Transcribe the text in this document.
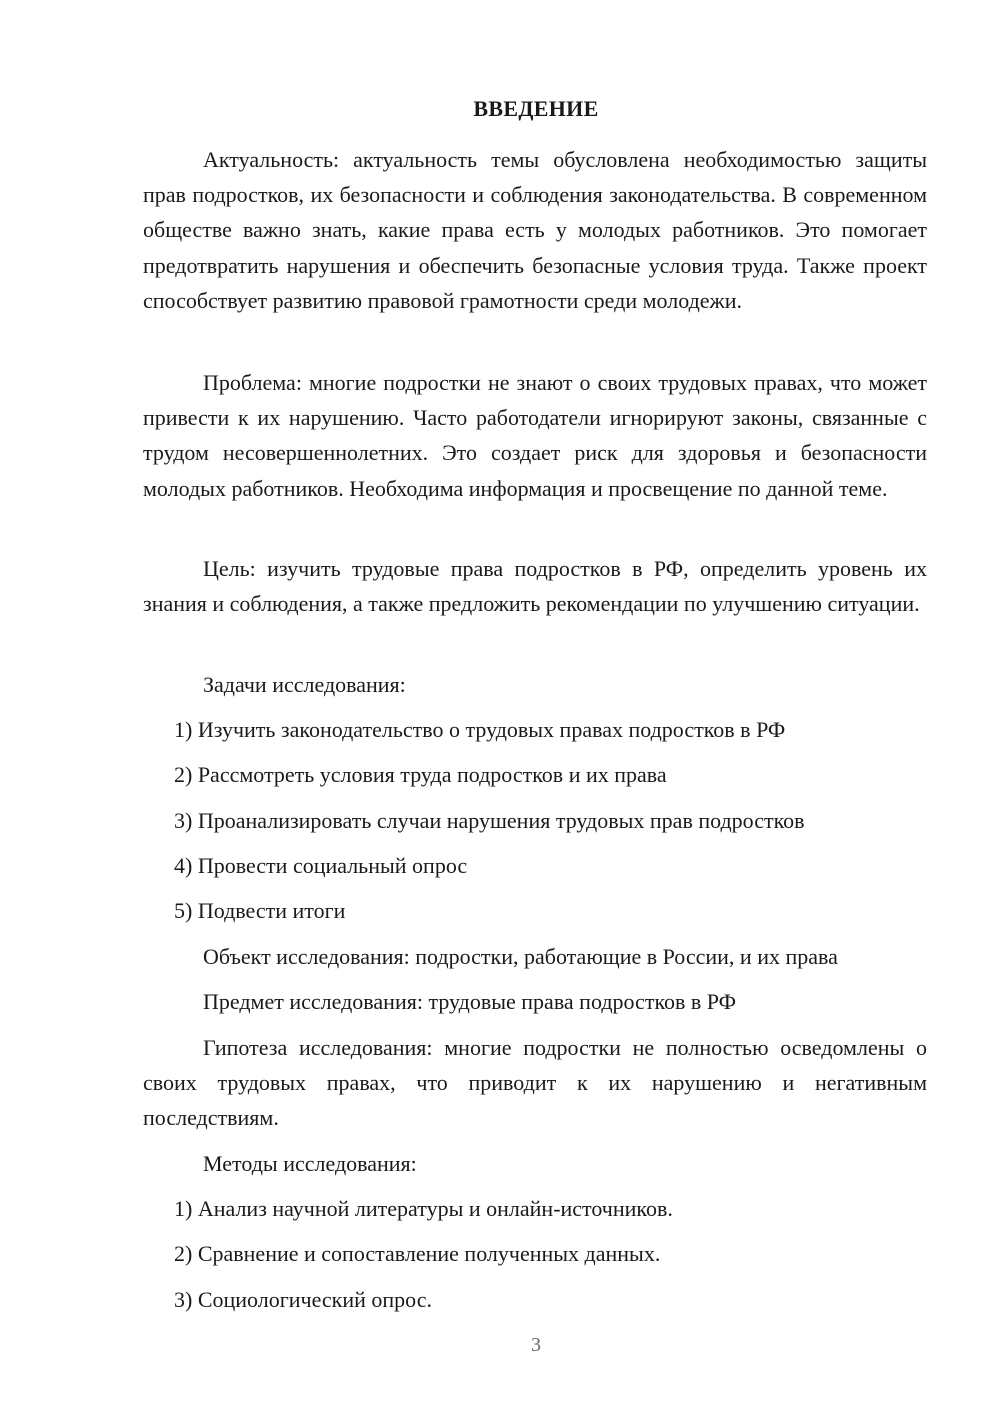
ВВЕДЕНИЕ

Актуальность: актуальность темы обусловлена необходимостью защиты прав подростков, их безопасности и соблюдения законодательства. В современном обществе важно знать, какие права есть у молодых работников. Это помогает предотвратить нарушения и обеспечить безопасные условия труда. Также проект способствует развитию правовой грамотности среди молодежи.

Проблема: многие подростки не знают о своих трудовых правах, что может привести к их нарушению. Часто работодатели игнорируют законы, связанные с трудом несовершеннолетних. Это создает риск для здоровья и безопасности молодых работников. Необходима информация и просвещение по данной теме.

Цель: изучить трудовые права подростков в РФ, определить уровень их знания и соблюдения, а также предложить рекомендации по улучшению ситуации.

Задачи исследования:

1) Изучить законодательство о трудовых правах подростков в РФ

2) Рассмотреть условия труда подростков и их права

3) Проанализировать случаи нарушения трудовых прав подростков

4) Провести социальный опрос

5) Подвести итоги

Объект исследования: подростки, работающие в России, и их права

Предмет исследования: трудовые права подростков в РФ

Гипотеза исследования: многие подростки не полностью осведомлены о своих трудовых правах, что приводит к их нарушению и негативным последствиям.

Методы исследования:

1) Анализ научной литературы и онлайн-источников.

2) Сравнение и сопоставление полученных данных.

3) Социологический опрос.

3
